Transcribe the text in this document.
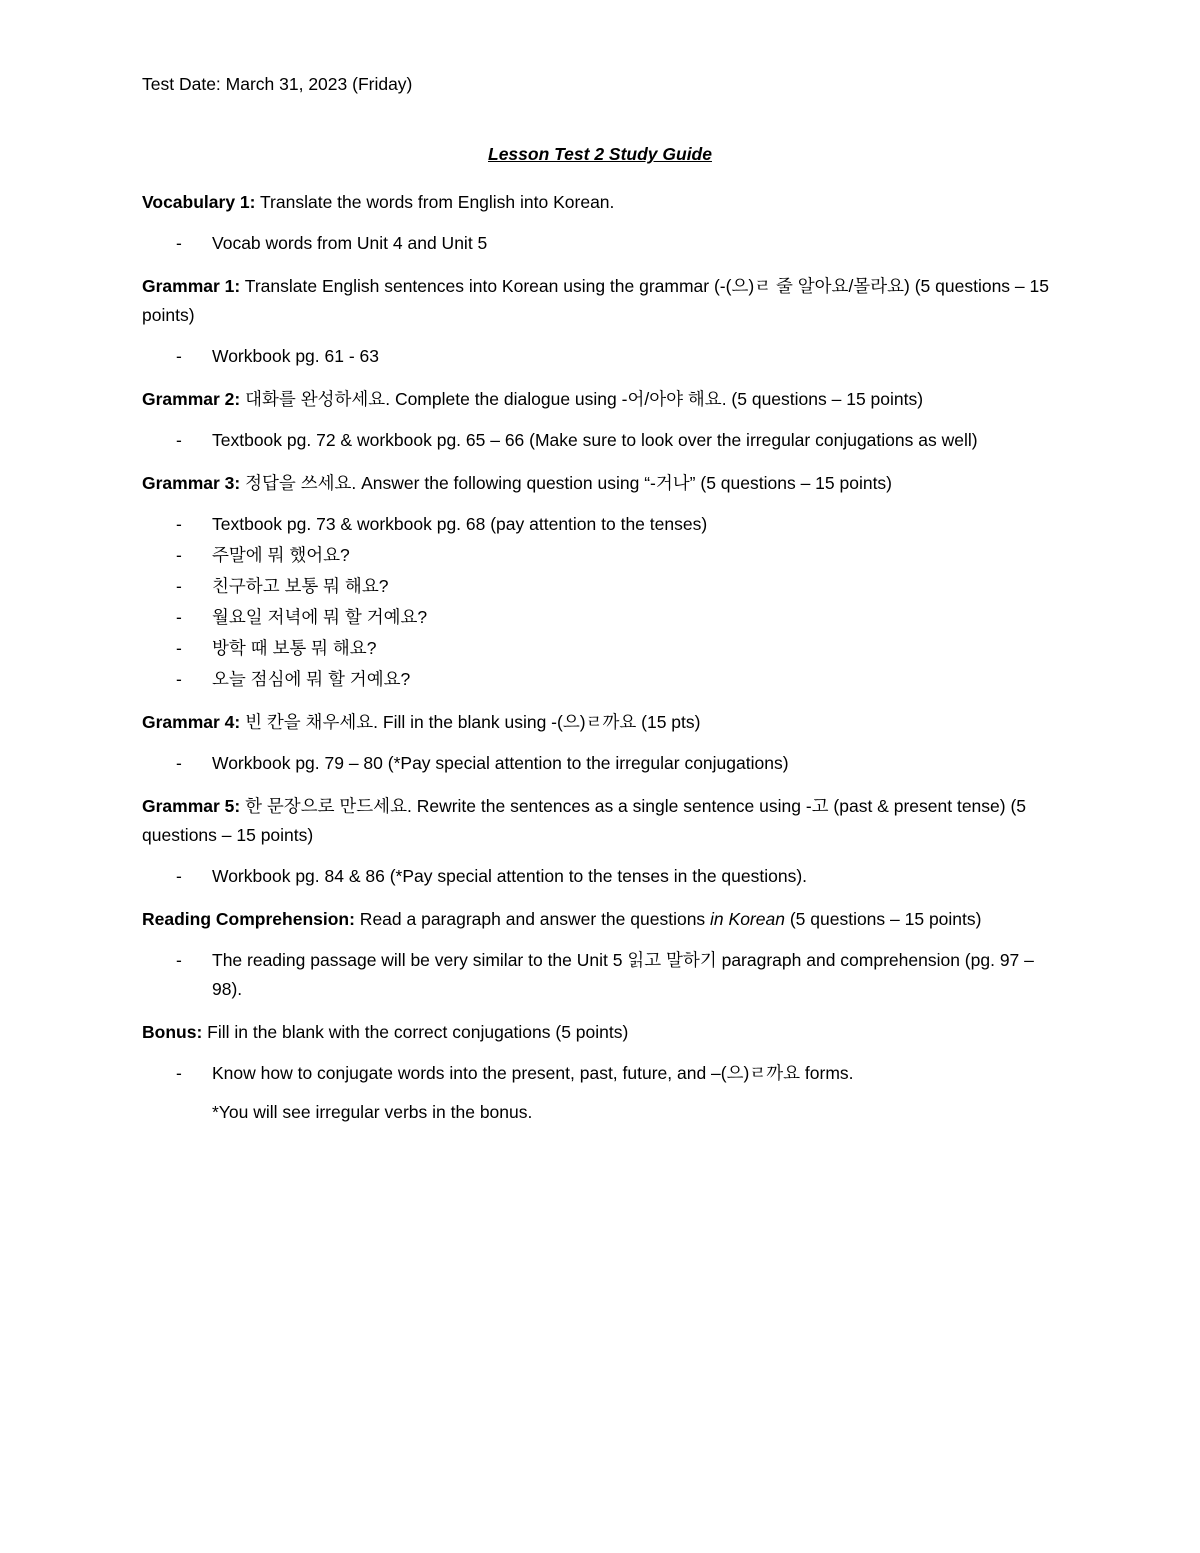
Test Date: March 31, 2023 (Friday)
Lesson Test 2 Study Guide

Vocabulary 1: Translate the words from English into Korean.

- Vocab words from Unit 4 and Unit 5

Grammar 1: Translate English sentences into Korean using the grammar (-(으)ㄹ 줄 알아요/몰라요) (5 questions – 15 points)

- Workbook pg. 61 - 63

Grammar 2: 대화를 완성하세요. Complete the dialogue using -어/아야 해요. (5 questions – 15 points)

- Textbook pg. 72 & workbook pg. 65 – 66 (Make sure to look over the irregular conjugations as well)

Grammar 3: 정답을 쓰세요. Answer the following question using “-거나” (5 questions – 15 points)

- Textbook pg. 73 & workbook pg. 68 (pay attention to the tenses)
- 주말에 뭐 했어요?
- 친구하고 보통 뭐 해요?
- 월요일 저녁에 뭐 할 거예요?
- 방학 때 보통 뭐 해요?
- 오늘 점심에 뭐 할 거예요?

Grammar 4: 빈 칸을 채우세요. Fill in the blank using -(으)ㄹ까요 (15 pts)

- Workbook pg. 79 – 80 (*Pay special attention to the irregular conjugations)

Grammar 5: 한 문장으로 만드세요. Rewrite the sentences as a single sentence using -고 (past & present tense) (5 questions – 15 points)

- Workbook pg. 84 & 86 (*Pay special attention to the tenses in the questions).

Reading Comprehension: Read a paragraph and answer the questions in Korean (5 questions – 15 points)

- The reading passage will be very similar to the Unit 5 읽고 말하기 paragraph and comprehension (pg. 97 – 98).

Bonus: Fill in the blank with the correct conjugations (5 points)

- Know how to conjugate words into the present, past, future, and –(으)ㄹ까요 forms.
*You will see irregular verbs in the bonus.
